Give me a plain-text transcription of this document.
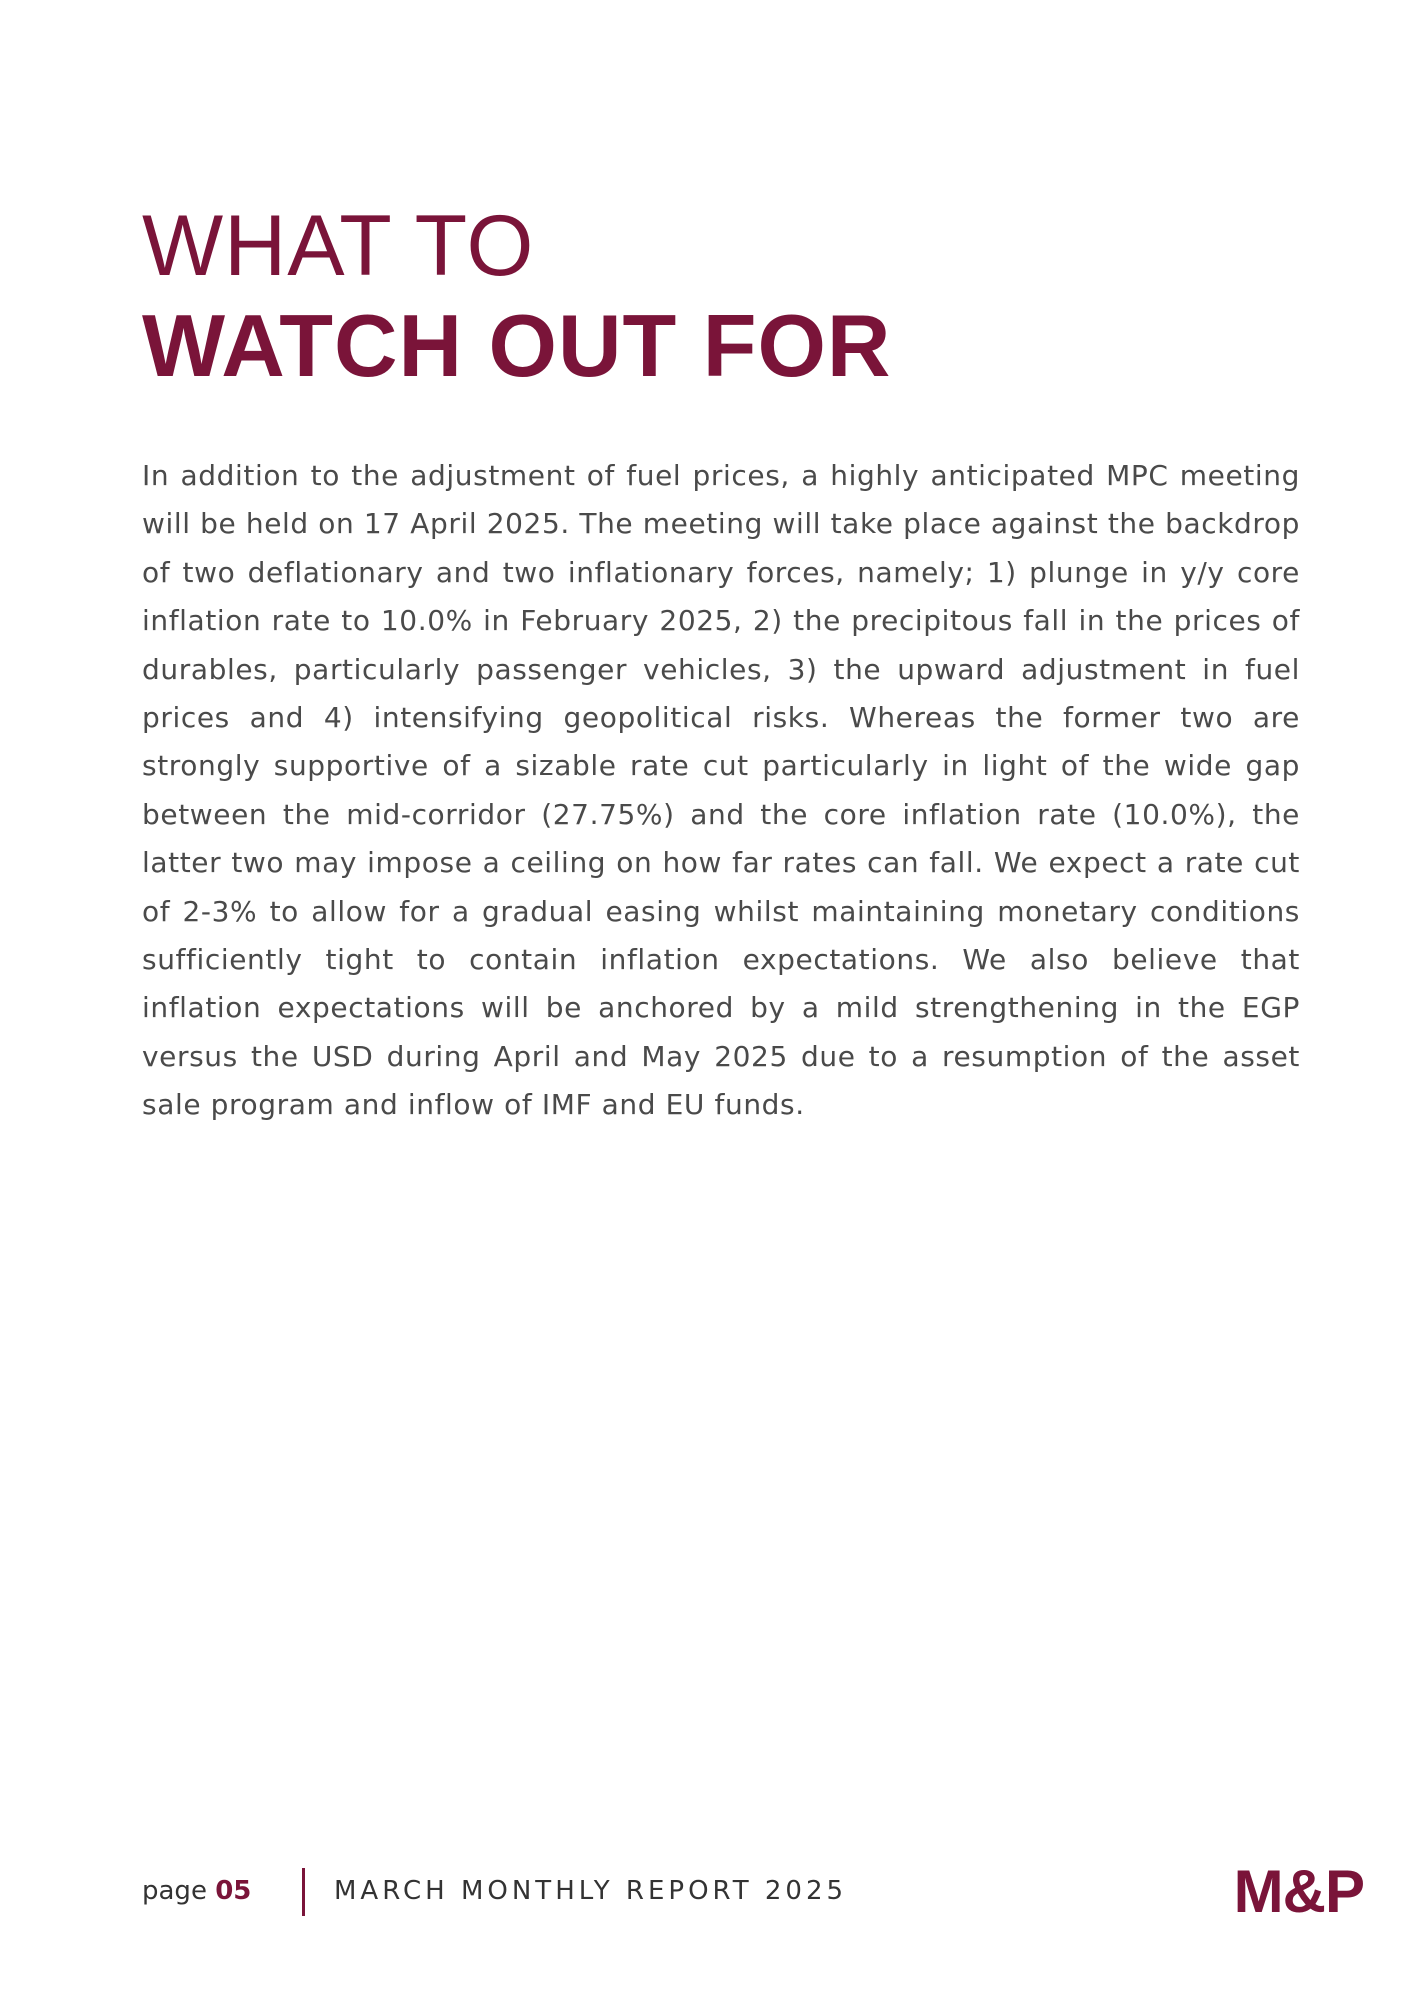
WHAT TO
WATCH OUT FOR

In addition to the adjustment of fuel prices, a highly anticipated MPC meeting will be held on 17 April 2025. The meeting will take place against the backdrop of two deflationary and two inflationary forces, namely; 1) plunge in y/y core inflation rate to 10.0% in February 2025, 2) the precipitous fall in the prices of durables, particularly passenger vehicles, 3) the upward adjustment in fuel prices and 4) intensifying geopolitical risks. Whereas the former two are strongly supportive of a sizable rate cut particularly in light of the wide gap between the mid-corridor (27.75%) and the core inflation rate (10.0%), the latter two may impose a ceiling on how far rates can fall. We expect a rate cut of 2-3% to allow for a gradual easing whilst maintaining monetary conditions sufficiently tight to contain inflation expectations. We also believe that inflation expectations will be anchored by a mild strengthening in the EGP versus the USD during April and May 2025 due to a resumption of the asset sale program and inflow of IMF and EU funds.

page 05	MARCH MONTHLY REPORT 2025	M&P
